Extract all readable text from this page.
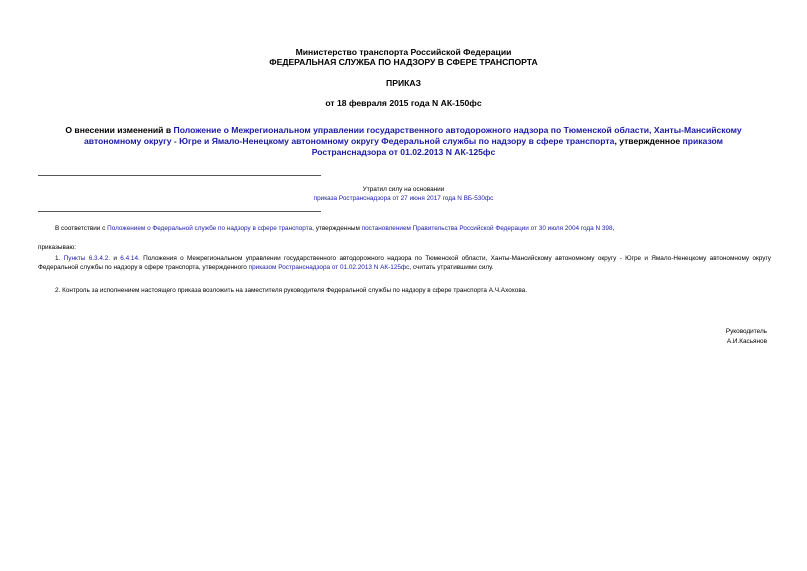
Министерство транспорта Российской Федерации
ФЕДЕРАЛЬНАЯ СЛУЖБА ПО НАДЗОРУ В СФЕРЕ ТРАНСПОРТА
ПРИКАЗ
от 18 февраля 2015 года N АК-150фс
О внесении изменений в Положение о Межрегиональном управлении государственного автодорожного надзора по Тюменской области, Ханты-Мансийскому автономному округу - Югре и Ямало-Ненецкому автономному округу Федеральной службы по надзору в сфере транспорта, утвержденное приказом Ространснадзора от 01.02.2013 N АК-125фс
Утратил силу на основании
приказа Ространснадзора от 27 июня 2017 года N ВБ-530фс
В соответствии с Положением о Федеральной службе по надзору в сфере транспорта, утвержденным постановлением Правительства Российской Федерации от 30 июля 2004 года N 398,
приказываю:
1. Пункты 6.3.4.2. и 6.4.14. Положения о Межрегиональном управлении государственного автодорожного надзора по Тюменской области, Ханты-Мансийскому автономному округу - Югре и Ямало-Ненецкому автономному округу Федеральной службы по надзору в сфере транспорта, утвержденного приказом Ространснадзора от 01.02.2013 N АК-125фс, считать утратившими силу.
2. Контроль за исполнением настоящего приказа возложить на заместителя руководителя Федеральной службы по надзору в сфере транспорта А.Ч.Ахохова.
Руководитель
А.И.Касьянов
